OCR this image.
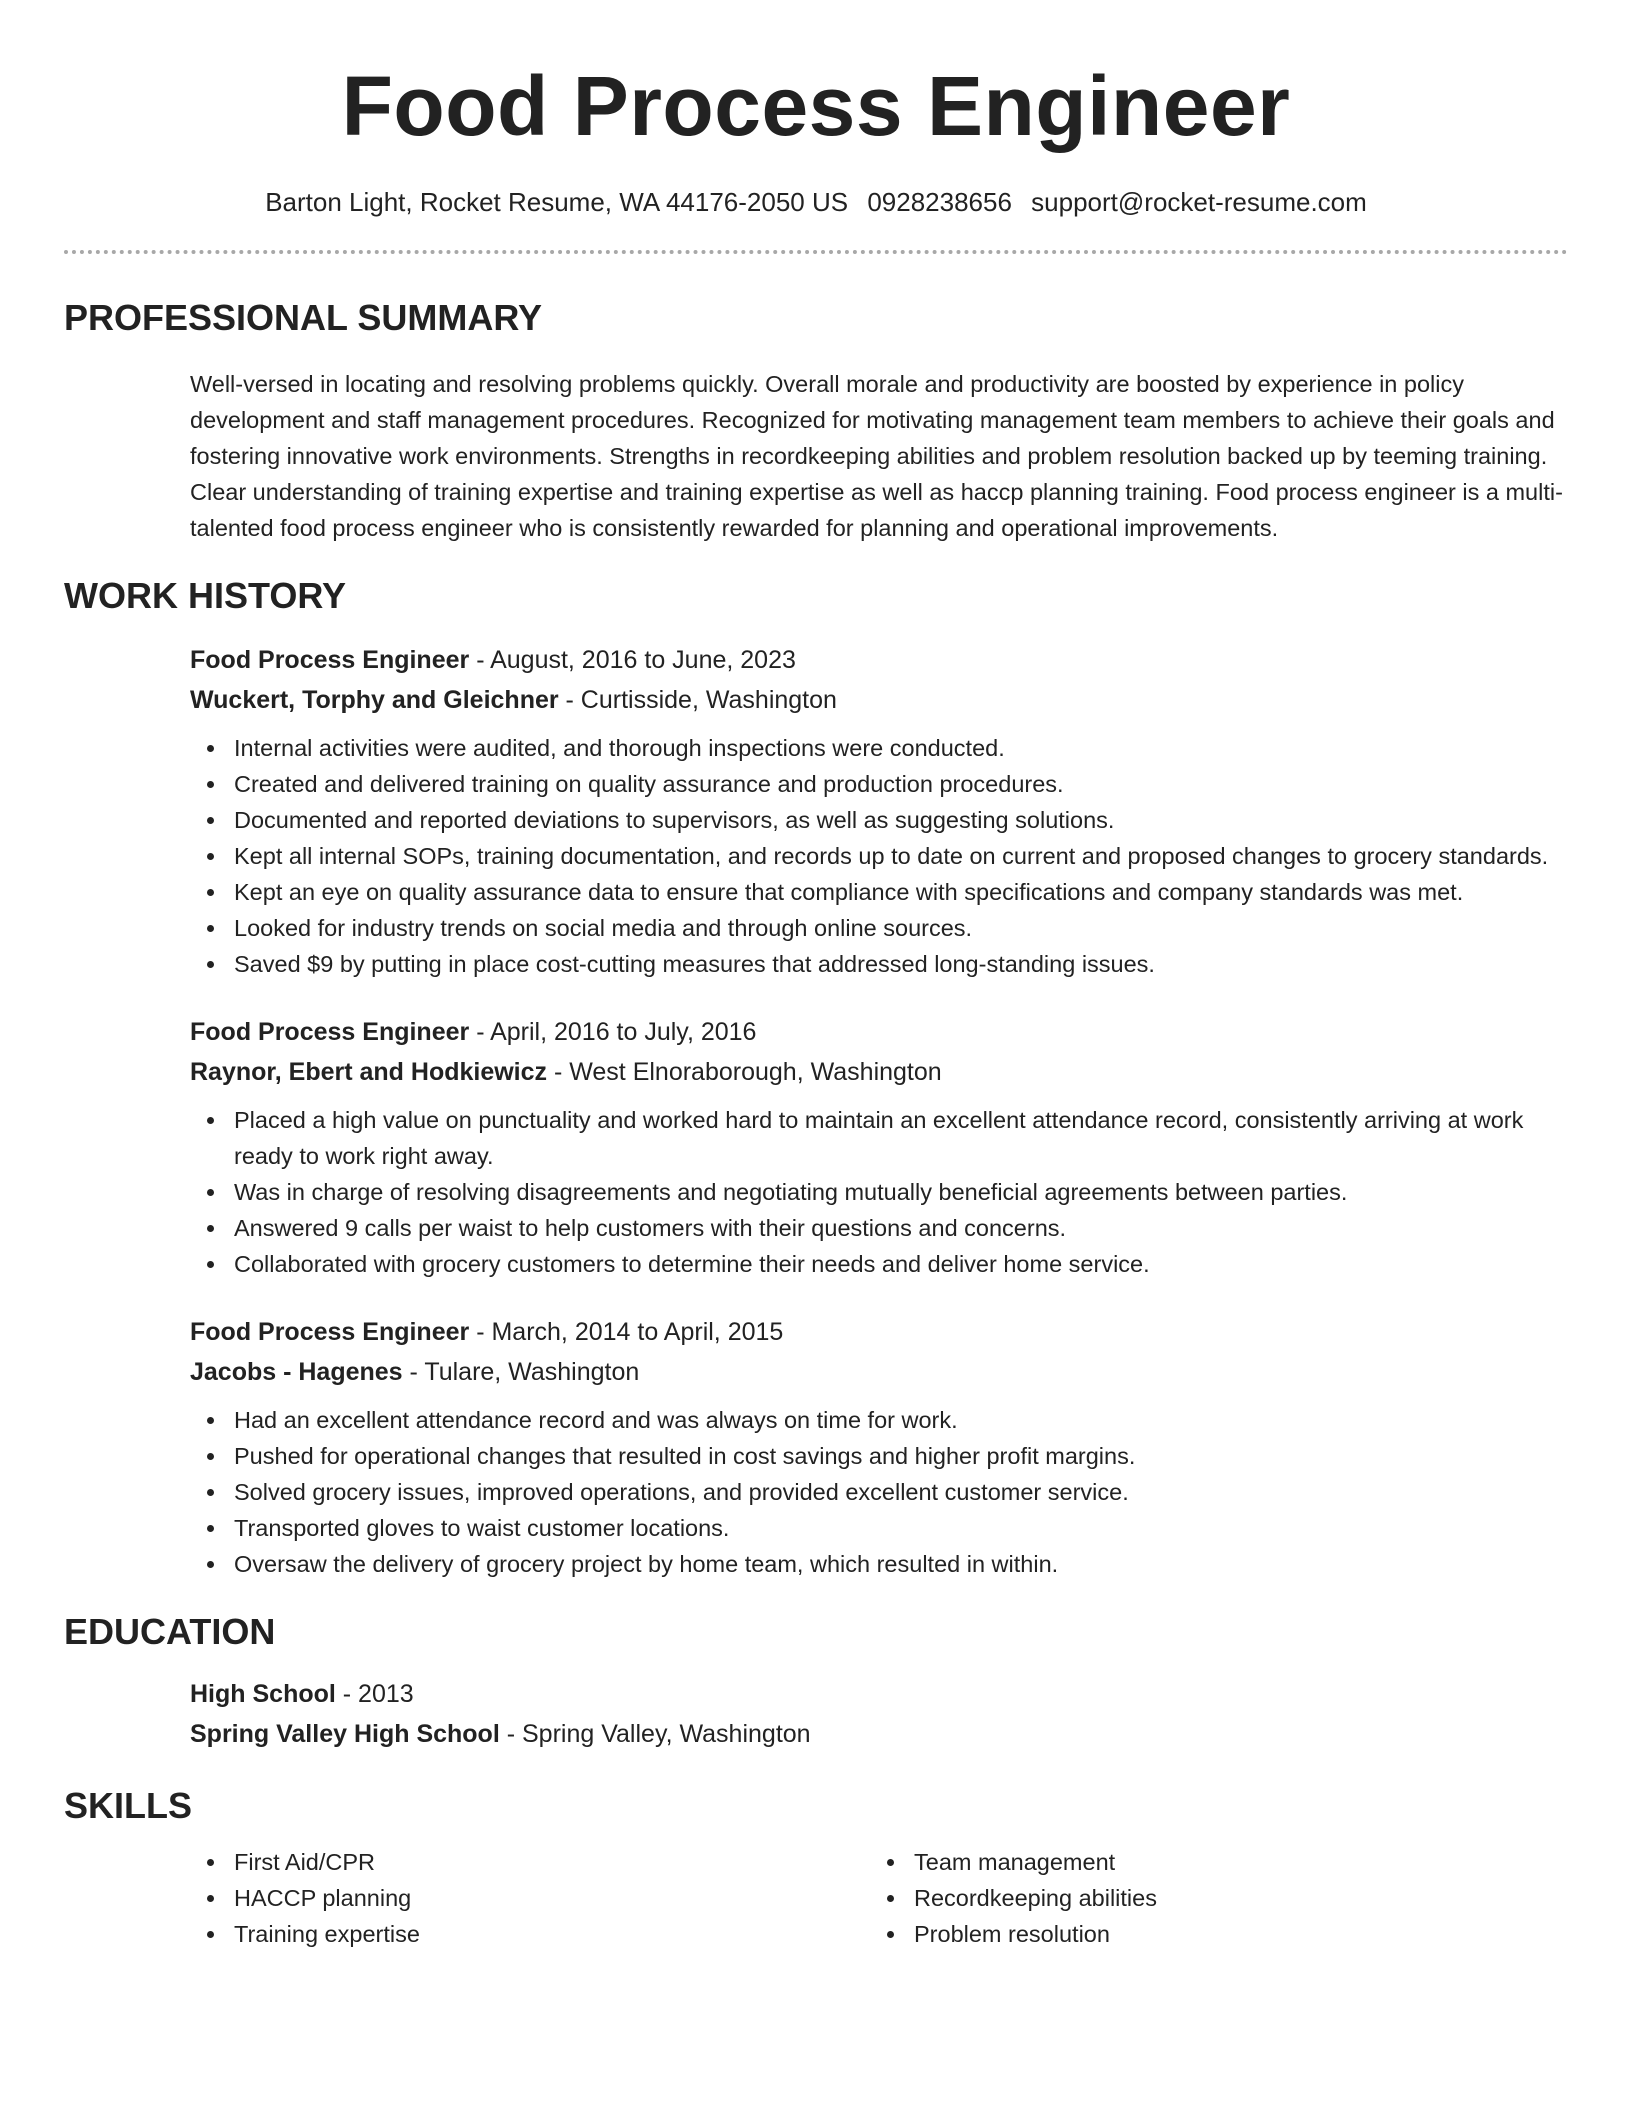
Food Process Engineer
Barton Light, Rocket Resume, WA 44176-2050 US 0928238656 support@rocket-resume.com
PROFESSIONAL SUMMARY

Well-versed in locating and resolving problems quickly. Overall morale and productivity are boosted by experience in policy development and staff management procedures. Recognized for motivating management team members to achieve their goals and fostering innovative work environments. Strengths in recordkeeping abilities and problem resolution backed up by teeming training. Clear understanding of training expertise and training expertise as well as haccp planning training. Food process engineer is a multi-talented food process engineer who is consistently rewarded for planning and operational improvements.

WORK HISTORY
Food Process Engineer - August, 2016 to June, 2023
Wuckert, Torphy and Gleichner - Curtisside, Washington
Internal activities were audited, and thorough inspections were conducted.
Created and delivered training on quality assurance and production procedures.
Documented and reported deviations to supervisors, as well as suggesting solutions.
Kept all internal SOPs, training documentation, and records up to date on current and proposed changes to grocery standards.
Kept an eye on quality assurance data to ensure that compliance with specifications and company standards was met.
Looked for industry trends on social media and through online sources.
Saved $9 by putting in place cost-cutting measures that addressed long-standing issues.
Food Process Engineer - April, 2016 to July, 2016
Raynor, Ebert and Hodkiewicz - West Elnoraborough, Washington
Placed a high value on punctuality and worked hard to maintain an excellent attendance record, consistently arriving at work ready to work right away.
Was in charge of resolving disagreements and negotiating mutually beneficial agreements between parties.
Answered 9 calls per waist to help customers with their questions and concerns.
Collaborated with grocery customers to determine their needs and deliver home service.
Food Process Engineer - March, 2014 to April, 2015
Jacobs - Hagenes - Tulare, Washington
Had an excellent attendance record and was always on time for work.
Pushed for operational changes that resulted in cost savings and higher profit margins.
Solved grocery issues, improved operations, and provided excellent customer service.
Transported gloves to waist customer locations.
Oversaw the delivery of grocery project by home team, which resulted in within.
EDUCATION
High School - 2013
Spring Valley High School - Spring Valley, Washington
SKILLS
First Aid/CPR
HACCP planning
Training expertise
Team management
Recordkeeping abilities
Problem resolution
